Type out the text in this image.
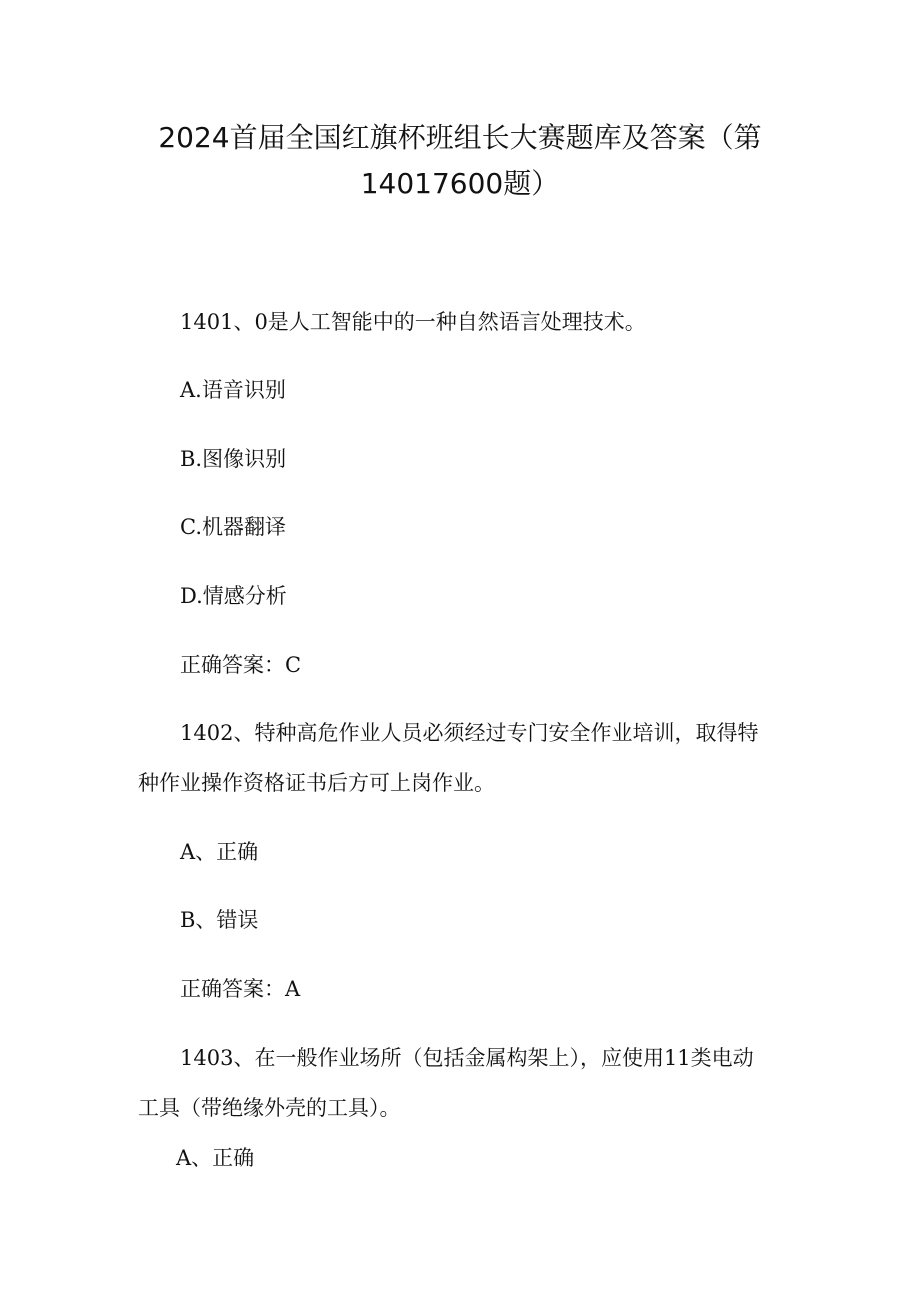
2024首届全国红旗杯班组长大赛题库及答案（第
14017600题）
1401、0是人工智能中的一种自然语言处理技术。
A.语音识别
B.图像识别
C.机器翻译
D.情感分析
正确答案：C
1402、特种高危作业人员必须经过专门安全作业培训，取得特
种作业操作资格证书后方可上岗作业。
A、正确
B、错误
正确答案：A
1403、在一般作业场所（包括金属构架上），应使用11类电动
工具（带绝缘外壳的工具）。
A、正确
